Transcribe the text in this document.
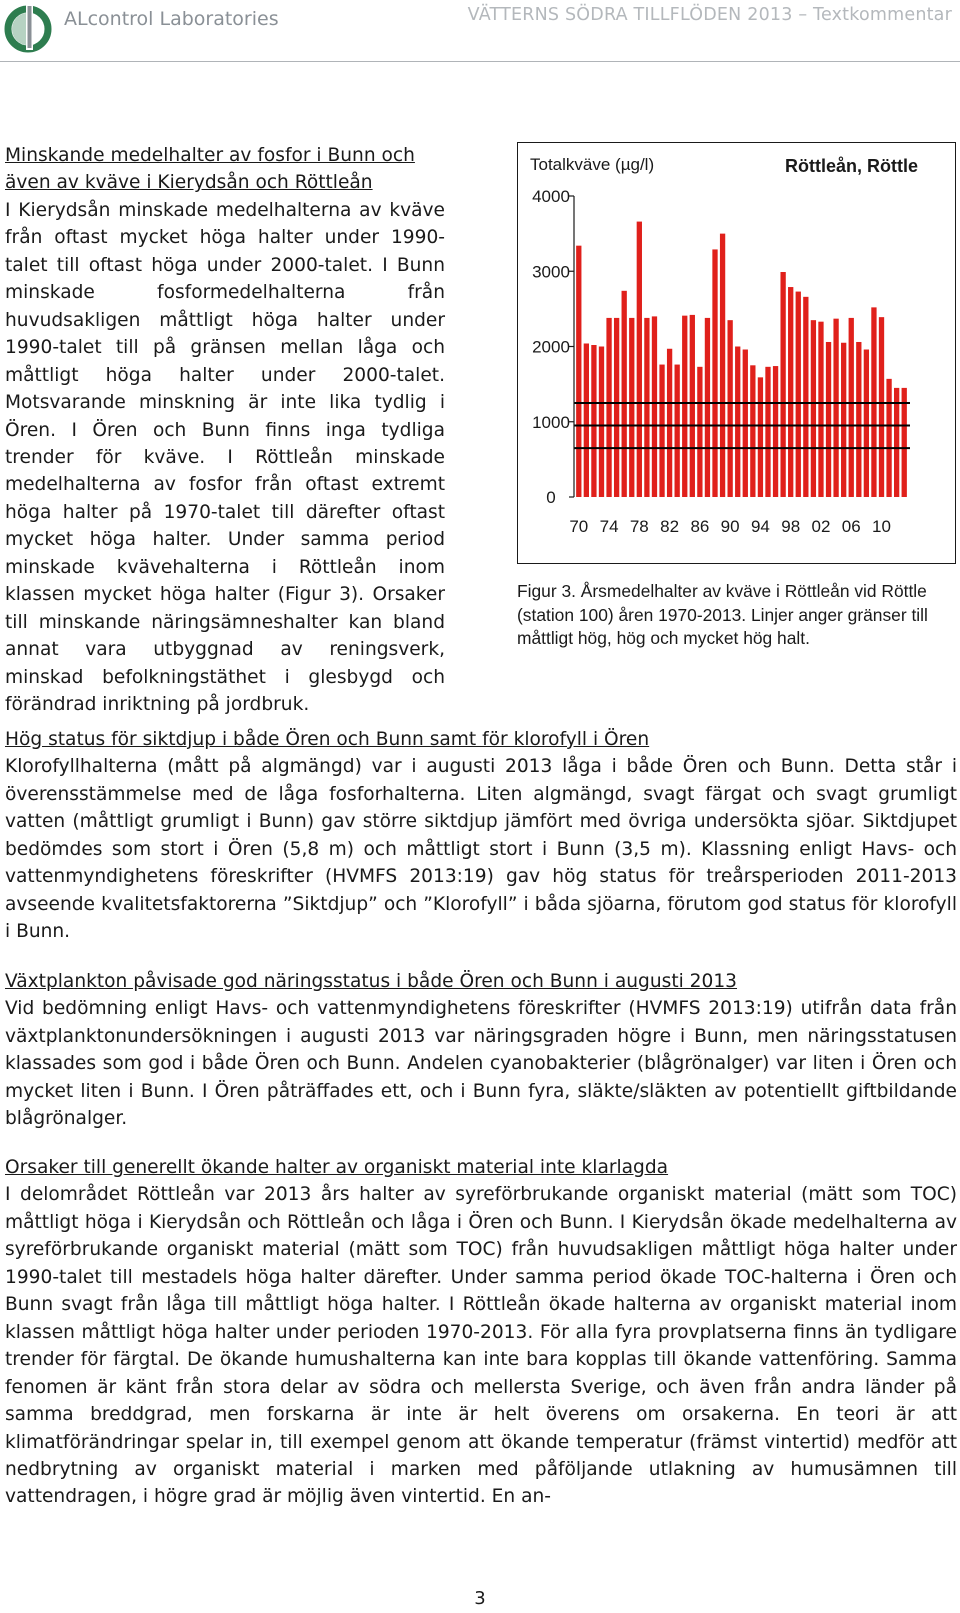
ALcontrol Laboratories	VÄTTERNS SÖDRA TILLFLÖDEN 2013 – Textkommentar

Minskande medelhalter av fosfor i Bunn och även av kväve i Kierydsån och Röttleån
I Kierydsån minskade medelhalterna av kväve från oftast mycket höga halter under 1990-talet till oftast höga under 2000-talet. I Bunn minskade fosformedelhalterna från huvudsakligen måttligt höga halter under 1990-talet till på gränsen mellan låga och måttligt höga halter under 2000-talet. Motsvarande minskning är inte lika tydlig i Ören. I Ören och Bunn finns inga tydliga trender för kväve. I Röttleån minskade medelhalterna av fosfor från oftast extremt höga halter på 1970-talet till därefter oftast mycket höga halter. Under samma period minskade kvävehalterna i Röttleån inom klassen mycket höga halter (Figur 3). Orsaker till minskande näringsämneshalter kan bland annat vara utbyggnad av reningsverk, minskad befolkningstäthet i glesbygd och förändrad inriktning på jordbruk.

Totalkväve (µg/l)	Röttleån, Röttle
0
1000
2000
3000
4000
70 74 78 82 86 90 94 98 02 06 10

Figur 3. Årsmedelhalter av kväve i Röttleån vid Röttle (station 100) åren 1970-2013. Linjer anger gränser till måttligt hög, hög och mycket hög halt.

Hög status för siktdjup i både Ören och Bunn samt för klorofyll i Ören
Klorofyllhalterna (mått på algmängd) var i augusti 2013 låga i både Ören och Bunn. Detta står i överensstämmelse med de låga fosforhalterna. Liten algmängd, svagt färgat och svagt grumligt vatten (måttligt grumligt i Bunn) gav större siktdjup jämfört med övriga undersökta sjöar. Siktdjupet bedömdes som stort i Ören (5,8 m) och måttligt stort i Bunn (3,5 m). Klassning enligt Havs- och vattenmyndighetens föreskrifter (HVMFS 2013:19) gav hög status för treårsperioden 2011-2013 avseende kvalitetsfaktorerna ”Siktdjup” och ”Klorofyll” i båda sjöarna, förutom god status för klorofyll i Bunn.

Växtplankton påvisade god näringsstatus i både Ören och Bunn i augusti 2013
Vid bedömning enligt Havs- och vattenmyndighetens föreskrifter (HVMFS 2013:19) utifrån data från växtplanktonundersökningen i augusti 2013 var näringsgraden högre i Bunn, men näringsstatusen klassades som god i både Ören och Bunn. Andelen cyanobakterier (blågrönalger) var liten i Ören och mycket liten i Bunn. I Ören påträffades ett, och i Bunn fyra, släkte/släkten av potentiellt giftbildande blågrönalger.

Orsaker till generellt ökande halter av organiskt material inte klarlagda
I delområdet Röttleån var 2013 års halter av syreförbrukande organiskt material (mätt som TOC) måttligt höga i Kierydsån och Röttleån och låga i Ören och Bunn. I Kierydsån ökade medelhalterna av syreförbrukande organiskt material (mätt som TOC) från huvudsakligen måttligt höga halter under 1990-talet till mestadels höga halter därefter. Under samma period ökade TOC-halterna i Ören och Bunn svagt från låga till måttligt höga halter. I Röttleån ökade halterna av organiskt material inom klassen måttligt höga halter under perioden 1970-2013. För alla fyra provplatserna finns än tydligare trender för färgtal. De ökande humushalterna kan inte bara kopplas till ökande vattenföring. Samma fenomen är känt från stora delar av södra och mellersta Sverige, och även från andra länder på samma breddgrad, men forskarna är inte är helt överens om orsakerna. En teori är att klimatförändringar spelar in, till exempel genom att ökande temperatur (främst vintertid) medför att nedbrytning av organiskt material i marken med påföljande utlakning av humusämnen till vattendragen, i högre grad är möjlig även vintertid. En an-

3
